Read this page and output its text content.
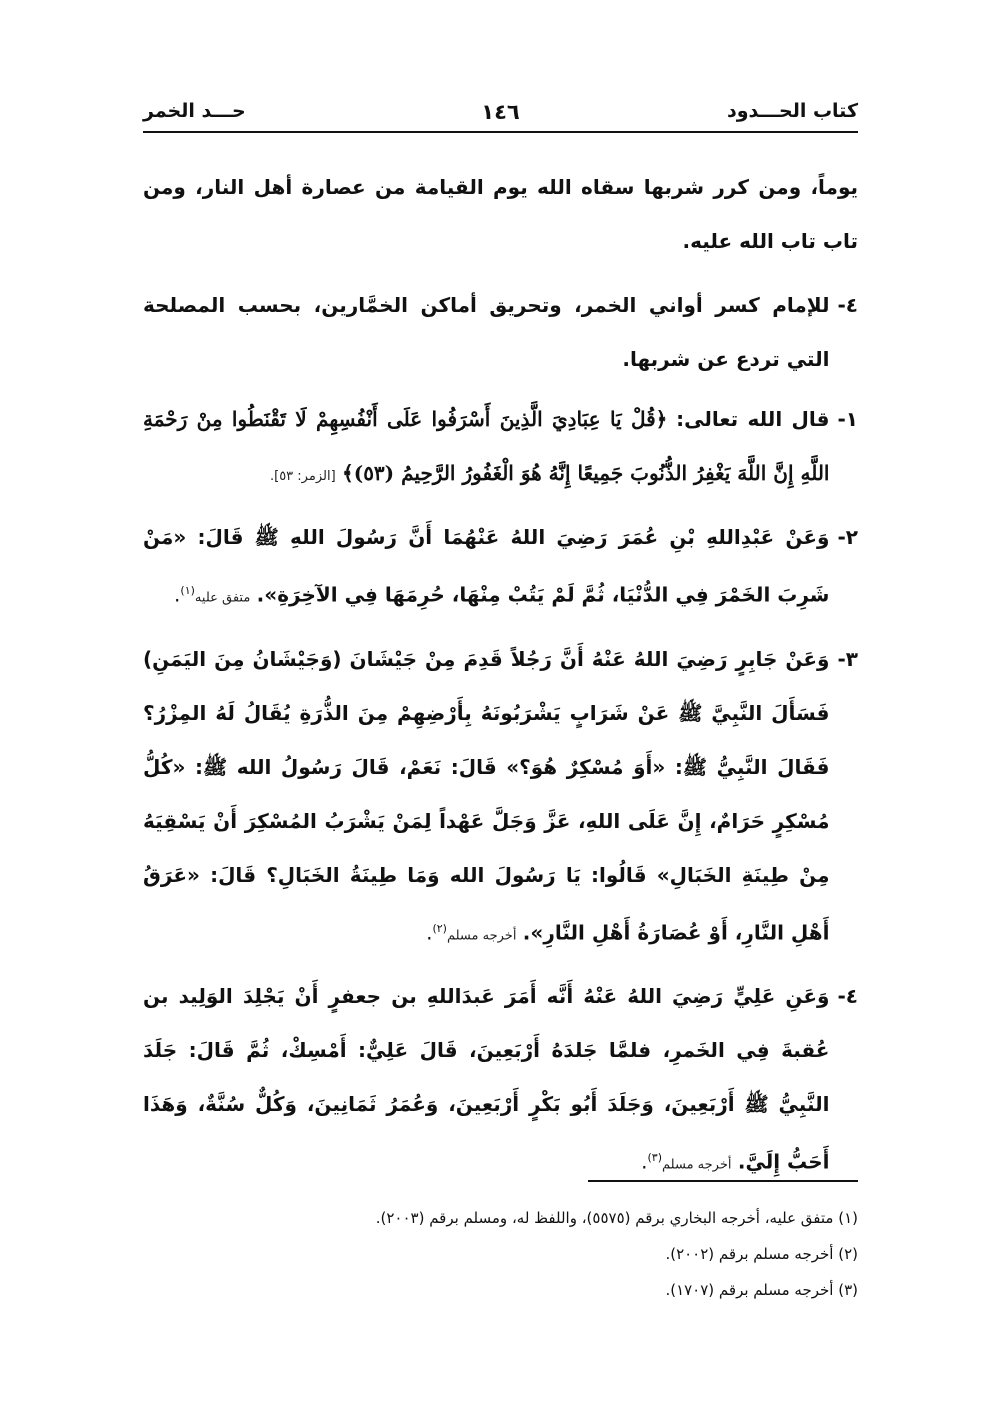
كتاب الحـــدود
١٤٦
حـــد الخمر

يوماً، ومن كرر شربها سقاه الله يوم القيامة من عصارة أهل النار، ومن تاب تاب الله عليه.

٤-
للإمام كسر أواني الخمر، وتحريق أماكن الخمَّارين، بحسب المصلحة التي تردع عن شربها.
١-
قال الله تعالى: ﴿قُلْ يَا عِبَادِيَ الَّذِينَ أَسْرَفُوا عَلَى أَنْفُسِهِمْ لَا تَقْنَطُوا مِنْ رَحْمَةِ اللَّهِ إِنَّ اللَّهَ يَغْفِرُ الذُّنُوبَ جَمِيعًا إِنَّهُ هُوَ الْغَفُورُ الرَّحِيمُ (٥٣)﴾ [الزمر: ٥٣].
٢-
وَعَنْ عَبْدِاللهِ بْنِ عُمَرَ رَضِيَ اللهُ عَنْهُمَا أَنَّ رَسُولَ اللهِ ﷺ قَالَ: «مَنْ شَرِبَ الخَمْرَ فِي الدُّنْيَا، ثُمَّ لَمْ يَتُبْ مِنْهَا، حُرِمَهَا فِي الآخِرَةِ». متفق عليه$^{(١)}$.
٣-
وَعَنْ جَابِرٍ رَضِيَ اللهُ عَنْهُ أَنَّ رَجُلاً قَدِمَ مِنْ جَيْشَانَ (وَجَيْشَانُ مِنَ اليَمَنِ) فَسَأَلَ النَّبِيَّ ﷺ عَنْ شَرَابٍ يَشْرَبُونَهُ بِأَرْضِهِمْ مِنَ الذُّرَةِ يُقَالُ لَهُ المِزْرُ؟ فَقَالَ النَّبِيُّ ﷺ: «أَوَ مُسْكِرٌ هُوَ؟» قَالَ: نَعَمْ، قَالَ رَسُولُ الله ﷺ: «كُلُّ مُسْكِرٍ حَرَامٌ، إِنَّ عَلَى اللهِ، عَزَّ وَجَلَّ عَهْداً لِمَنْ يَشْرَبُ المُسْكِرَ أَنْ يَسْقِيَهُ مِنْ طِينَةِ الخَبَالِ» قَالُوا: يَا رَسُولَ الله وَمَا طِينَةُ الخَبَالِ؟ قَالَ: «عَرَقُ أَهْلِ النَّارِ، أَوْ عُصَارَةُ أَهْلِ النَّارِ». أخرجه مسلم$^{(٢)}$.
٤-
وَعَنِ عَلِيٍّ رَضِيَ اللهُ عَنْهُ أَنَّه أَمَرَ عَبدَاللهِ بن جعفرٍ أَنْ يَجْلِدَ الوَلِيد بن عُقبةَ فِي الخَمرِ، فلمَّا جَلدَهُ أَرْبَعِينَ، قَالَ عَلِيٌّ: أَمْسِكْ، ثُمَّ قَالَ: جَلَدَ النَّبِيُّ ﷺ أَرْبَعِينَ، وَجَلَدَ أَبُو بَكْرٍ أَرْبَعِينَ، وَعُمَرُ ثَمَانِينَ، وَكُلٌّ سُنَّةٌ، وَهَذَا أَحَبُّ إِلَيَّ. أخرجه مسلم$^{(٣)}$.
(١) متفق عليه، أخرجه البخاري برقم (٥٥٧٥)، واللفظ له، ومسلم برقم (٢٠٠٣).
(٢) أخرجه مسلم برقم (٢٠٠٢).
(٣) أخرجه مسلم برقم (١٧٠٧).
